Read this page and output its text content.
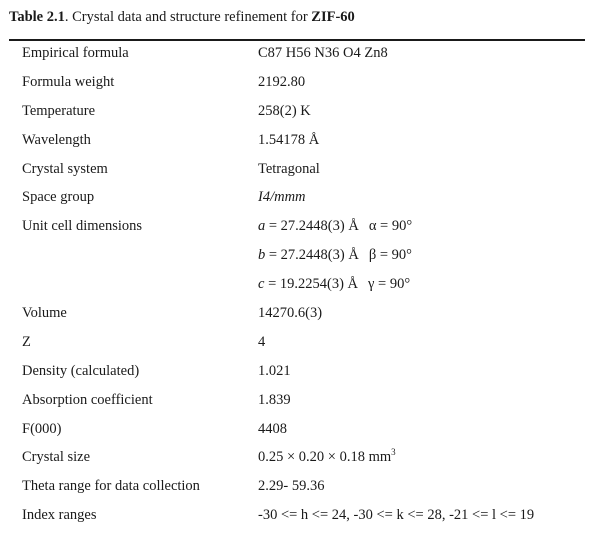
Table 2.1. Crystal data and structure refinement for ZIF-60
Empirical formula	C87 H56 N36 O4 Zn8
Formula weight	2192.80
Temperature	258(2) K
Wavelength	1.54178 Å
Crystal system	Tetragonal
Space group	I4/mmm
Unit cell dimensions	a = 27.2448(3) Å α = 90°
b = 27.2448(3) Å β = 90°
c = 19.2254(3) Å γ = 90°
Volume	14270.6(3)
Z	4
Density (calculated)	1.021
Absorption coefficient	1.839
F(000)	4408
Crystal size	0.25 × 0.20 × 0.18 $mm^3$
Theta range for data collection	2.29- 59.36
Index ranges	-30 <= h <= 24, -30 <= k <= 28, -21 <= l <= 19
